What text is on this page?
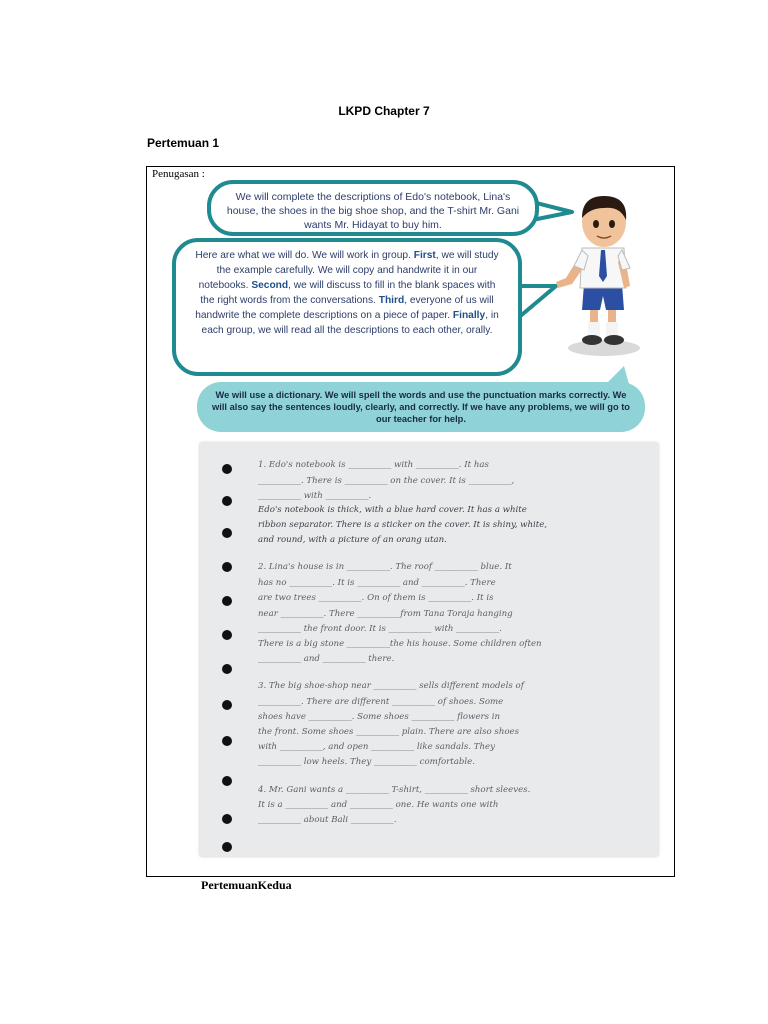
LKPD Chapter 7
Pertemuan 1
Penugasan :
We will complete the descriptions of Edo's notebook, Lina's house, the shoes in the big shoe shop, and the T-shirt Mr. Gani wants Mr. Hidayat to buy him.
Here are what we will do. We will work in group. First, we will study the example carefully. We will copy and handwrite it in our notebooks. Second, we will discuss to fill in the blank spaces with the right words from the conversations. Third, everyone of us will handwrite the complete descriptions on a piece of paper. Finally, in each group, we will read all the descriptions to each other, orally.
We will use a dictionary. We will spell the words and use the punctuation marks correctly. We will also say the sentences loudly, clearly, and correctly. If we have any problems, we will go to our teacher for help.
1. Edo's notebook is __________ with __________. It has
__________. There is __________ on the cover. It is __________,
__________ with __________.
Edo's notebook is thick, with a blue hard cover. It has a white
ribbon separator. There is a sticker on the cover. It is shiny, white,
and round, with a picture of an orang utan.
2. Lina's house is in __________. The roof __________ blue. It
has no __________. It is __________ and __________. There
are two trees __________. On of them is __________. It is
near __________. There __________from Tana Toraja hanging
__________ the front door. It is __________ with __________.
There is a big stone __________the his house. Some children often
__________ and __________ there.
3. The big shoe-shop near __________ sells different models of
__________. There are different __________ of shoes. Some
shoes have __________. Some shoes __________ flowers in
the front. Some shoes __________ plain. There are also shoes
with __________, and open __________ like sandals. They
__________ low heels. They __________ comfortable.
4. Mr. Gani wants a __________ T-shirt, __________ short sleeves.
It is a __________ and __________ one. He wants one with
__________ about Bali __________.
PertemuanKedua
